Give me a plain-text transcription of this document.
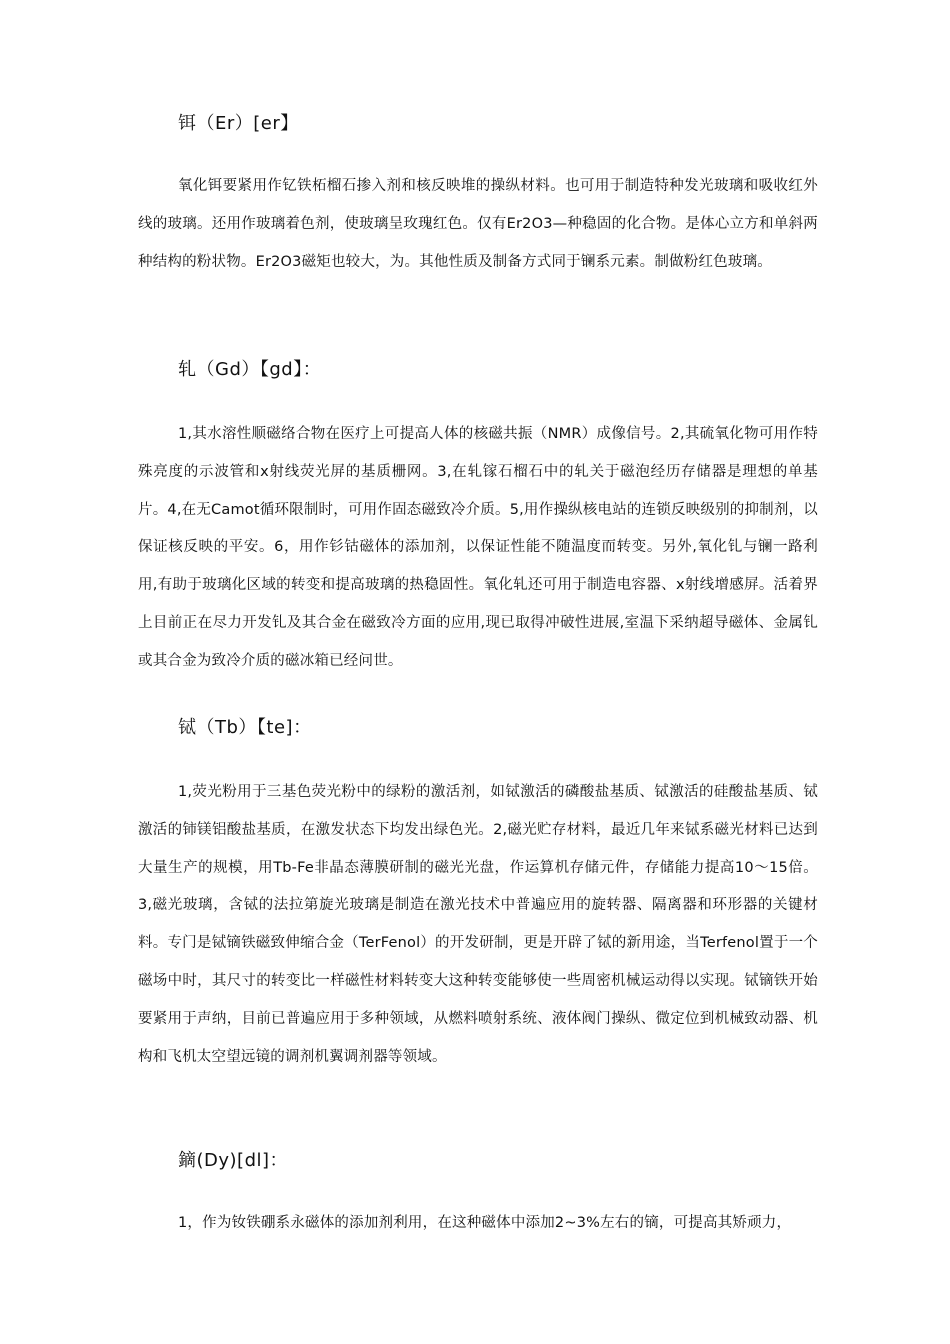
铒（Er）[er】
氧化铒要紧用作钇铁柘榴石掺入剂和核反映堆的操纵材料。也可用于制造特种发光玻璃和吸收红外线的玻璃。还用作玻璃着色剂，使玻璃呈玫瑰红色。仅有Er2O3—种稳固的化合物。是体心立方和单斜两种结构的粉状物。Er2O3磁矩也较大，为。其他性质及制备方式同于镧系元素。制做粉红色玻璃。
轧（Gd）【gd】：
1,其水溶性顺磁络合物在医疗上可提高人体的核磁共振（NMR）成像信号。2,其硫氧化物可用作特殊亮度的示波管和x射线荧光屏的基质栅网。3,在轧镓石榴石中的轧关于磁泡经历存储器是理想的单基片。4,在无Camot循环限制时，可用作固态磁致冷介质。5,用作操纵核电站的连锁反映级别的抑制剂，以保证核反映的平安。6，用作钐钴磁体的添加剂，以保证性能不随温度而转变。另外,氧化钆与镧一路利用,有助于玻璃化区域的转变和提高玻璃的热稳固性。氧化轧还可用于制造电容器、x射线增感屏。活着界上目前正在尽力开发钆及其合金在磁致冷方面的应用,现已取得冲破性进展,室温下采纳超导磁体、金属钆或其合金为致冷介质的磁冰箱已经问世。
铽（Tb）【te]：
1,荧光粉用于三基色荧光粉中的绿粉的激活剂，如铽激活的磷酸盐基质、铽激活的硅酸盐基质、铽激活的铈镁铝酸盐基质，在激发状态下均发出绿色光。2,磁光贮存材料，最近几年来铽系磁光材料已达到大量生产的规模，用Tb-Fe非晶态薄膜研制的磁光光盘，作运算机存储元件，存储能力提高10〜15倍。3,磁光玻璃，含铽的法拉第旋光玻璃是制造在激光技术中普遍应用的旋转器、隔离器和环形器的关键材料。专门是铽镝铁磁致伸缩合金（TerFenol）的开发研制，更是开辟了铽的新用途，当Terfenol置于一个磁场中时，其尺寸的转变比一样磁性材料转变大这种转变能够使一些周密机械运动得以实现。铽镝铁开始要紧用于声纳，目前已普遍应用于多种领域，从燃料喷射系统、液体阀门操纵、微定位到机械致动器、机构和飞机太空望远镜的调剂机翼调剂器等领域。
鏑(Dy)[dl]：
1，作为钕铁硼系永磁体的添加剂利用，在这种磁体中添加2~3%左右的镝，可提高其矫顽力，
